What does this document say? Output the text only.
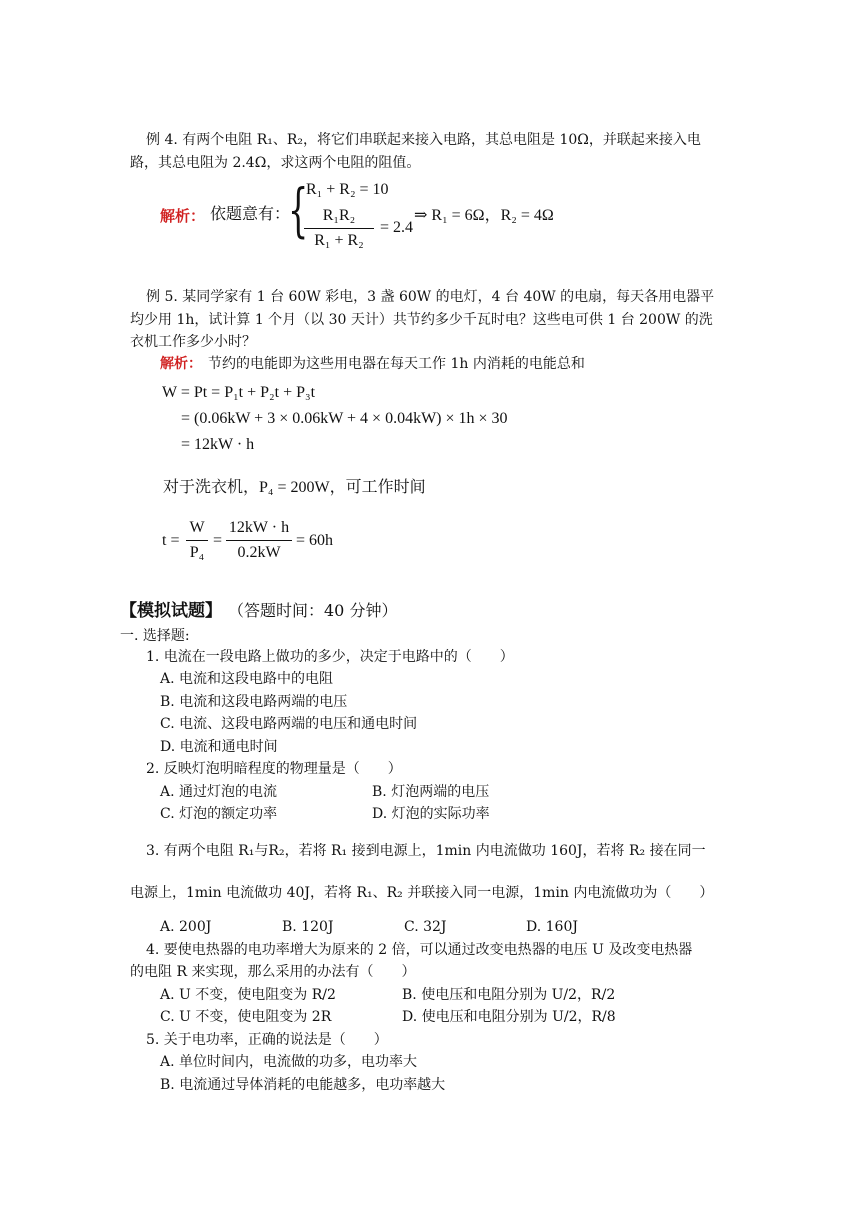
例 4. 有两个电阻 R₁、R₂，将它们串联起来接入电路，其总电阻是 10Ω，并联起来接入电
路，其总电阻为 2.4Ω，求这两个电阻的阻值。
解析： 依题意有：
{
R₁ + R₂ = 10
R₁R₂
R₁ + R₂
= 2.4
⇒ R₁ = 6Ω，R₂ = 4Ω
例 5. 某同学家有 1 台 60W 彩电，3 盏 60W 的电灯，4 台 40W 的电扇，每天各用电器平
均少用 1h，试计算 1 个月（以 30 天计）共节约多少千瓦时电？这些电可供 1 台 200W 的洗
衣机工作多少小时？
解析： 节约的电能即为这些用电器在每天工作 1h 内消耗的电能总和
W = Pt = P₁t + P₂t + P₃t
= (0.06kW + 3 × 0.06kW + 4 × 0.04kW) × 1h × 30
= 12kW · h
对于洗衣机，P₄ = 200W，可工作时间
t =
W
P₄
=
12kW · h
0.2kW
= 60h
【模拟试题】 （答题时间：40 分钟）
一. 选择题:
1. 电流在一段电路上做功的多少，决定于电路中的（　　）
A. 电流和这段电路中的电阻
B. 电流和这段电路两端的电压
C. 电流、这段电路两端的电压和通电时间
D. 电流和通电时间
2. 反映灯泡明暗程度的物理量是（　　）
A. 通过灯泡的电流	B. 灯泡两端的电压
C. 灯泡的额定功率	D. 灯泡的实际功率
3. 有两个电阻 R₁与R₂，若将 R₁ 接到电源上，1min 内电流做功 160J，若将 R₂ 接在同一
电源上，1min 电流做功 40J，若将 R₁、R₂ 并联接入同一电源，1min 内电流做功为（　　）
A. 200J	B. 120J	C. 32J	D. 160J
4. 要使电热器的电功率增大为原来的 2 倍，可以通过改变电热器的电压 U 及改变电热器
的电阻 R 来实现，那么采用的办法有（　　）
A. U 不变，使电阻变为 R/2	B. 使电压和电阻分别为 U/2，R/2
C. U 不变，使电阻变为 2R	D. 使电压和电阻分别为 U/2，R/8
5. 关于电功率，正确的说法是（　　）
A. 单位时间内，电流做的功多，电功率大
B. 电流通过导体消耗的电能越多，电功率越大
